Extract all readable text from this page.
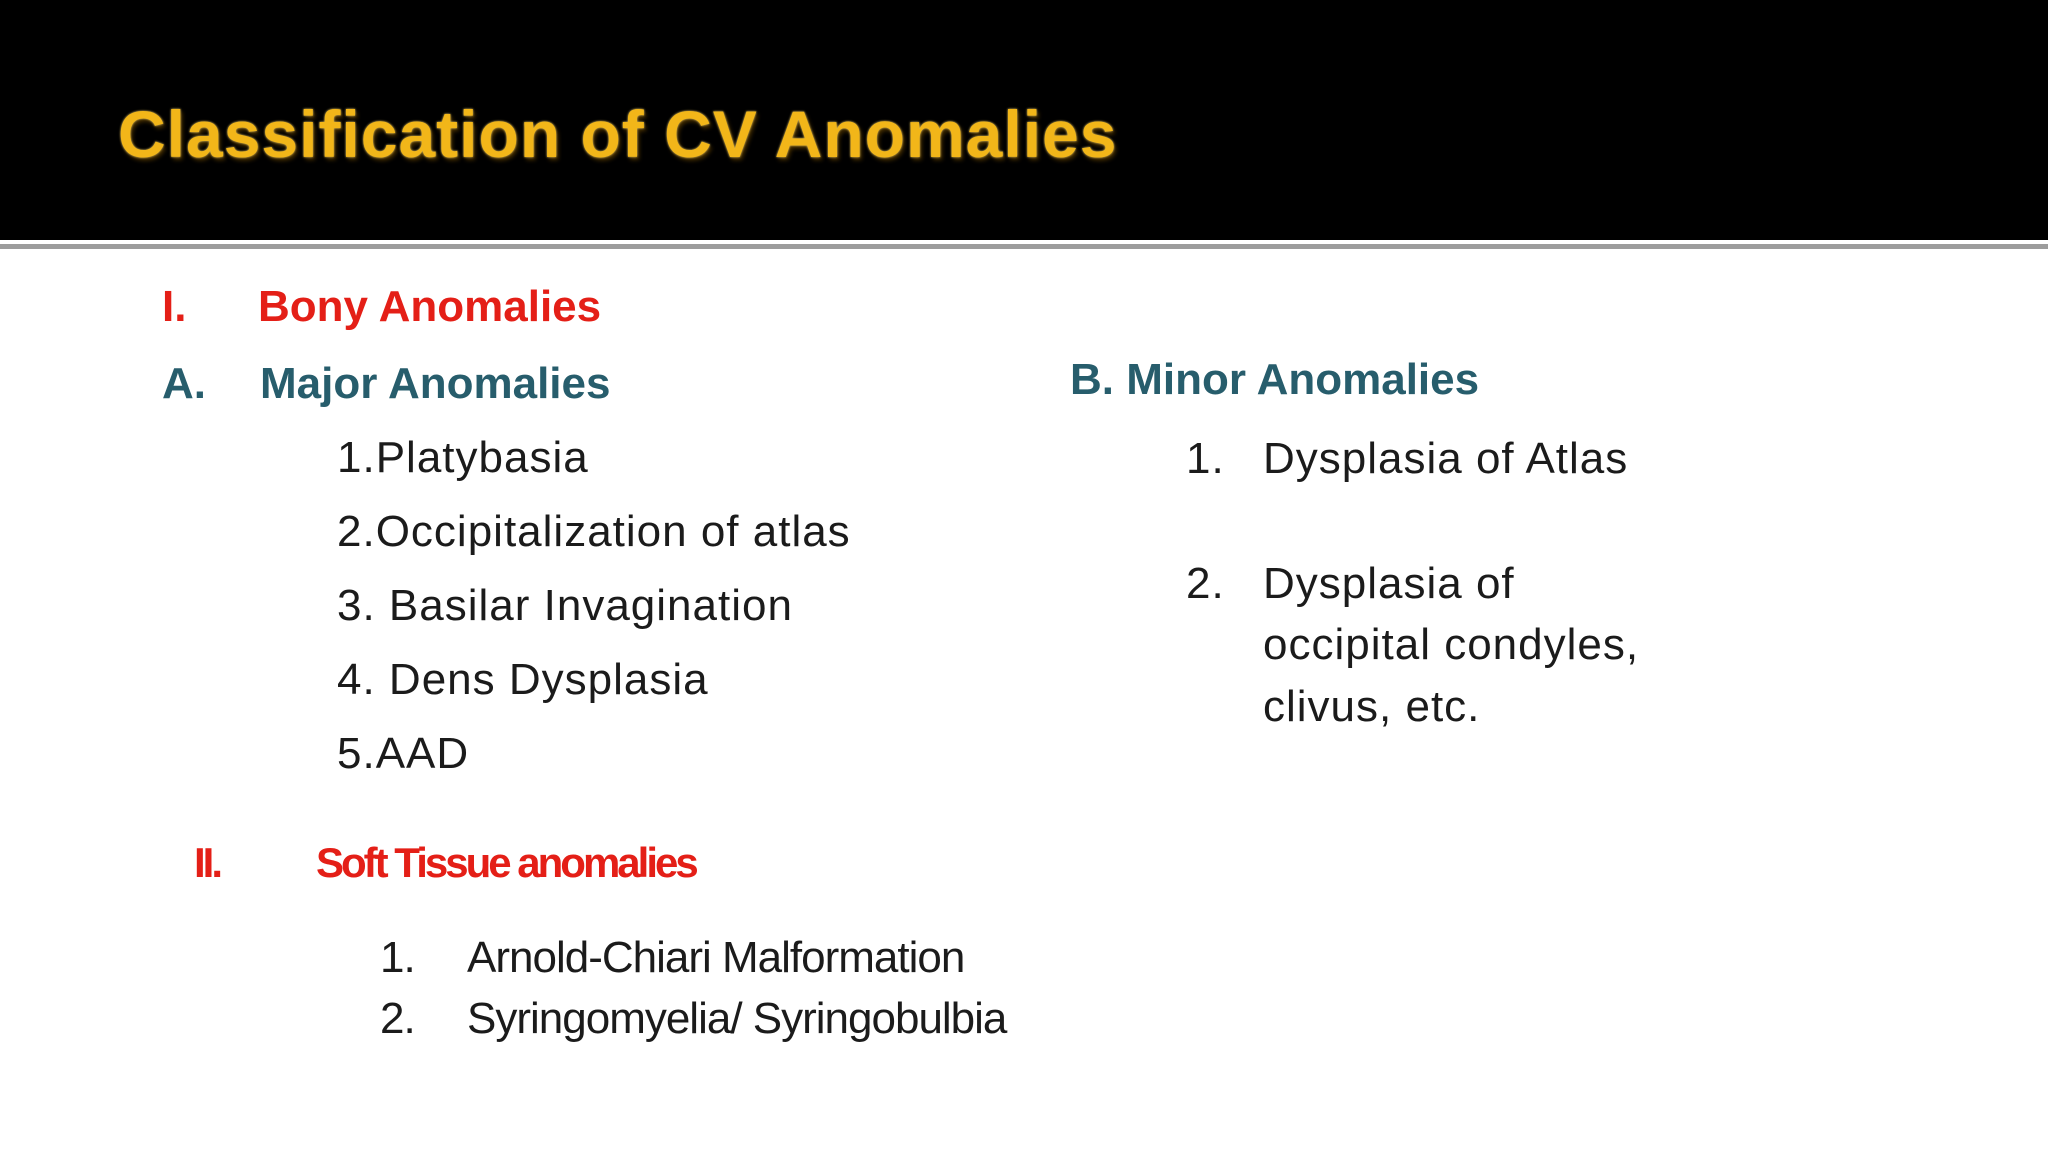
Classification of CV Anomalies
I. Bony Anomalies
A. Major Anomalies
1.Platybasia
2.Occipitalization of atlas
3. Basilar Invagination
4. Dens Dysplasia
5.AAD
B. Minor Anomalies
1. Dysplasia of Atlas
2. Dysplasia of
occipital condyles,
clivus, etc.
II. Soft Tissue anomalies
1. Arnold-Chiari Malformation
2. Syringomyelia/ Syringobulbia
